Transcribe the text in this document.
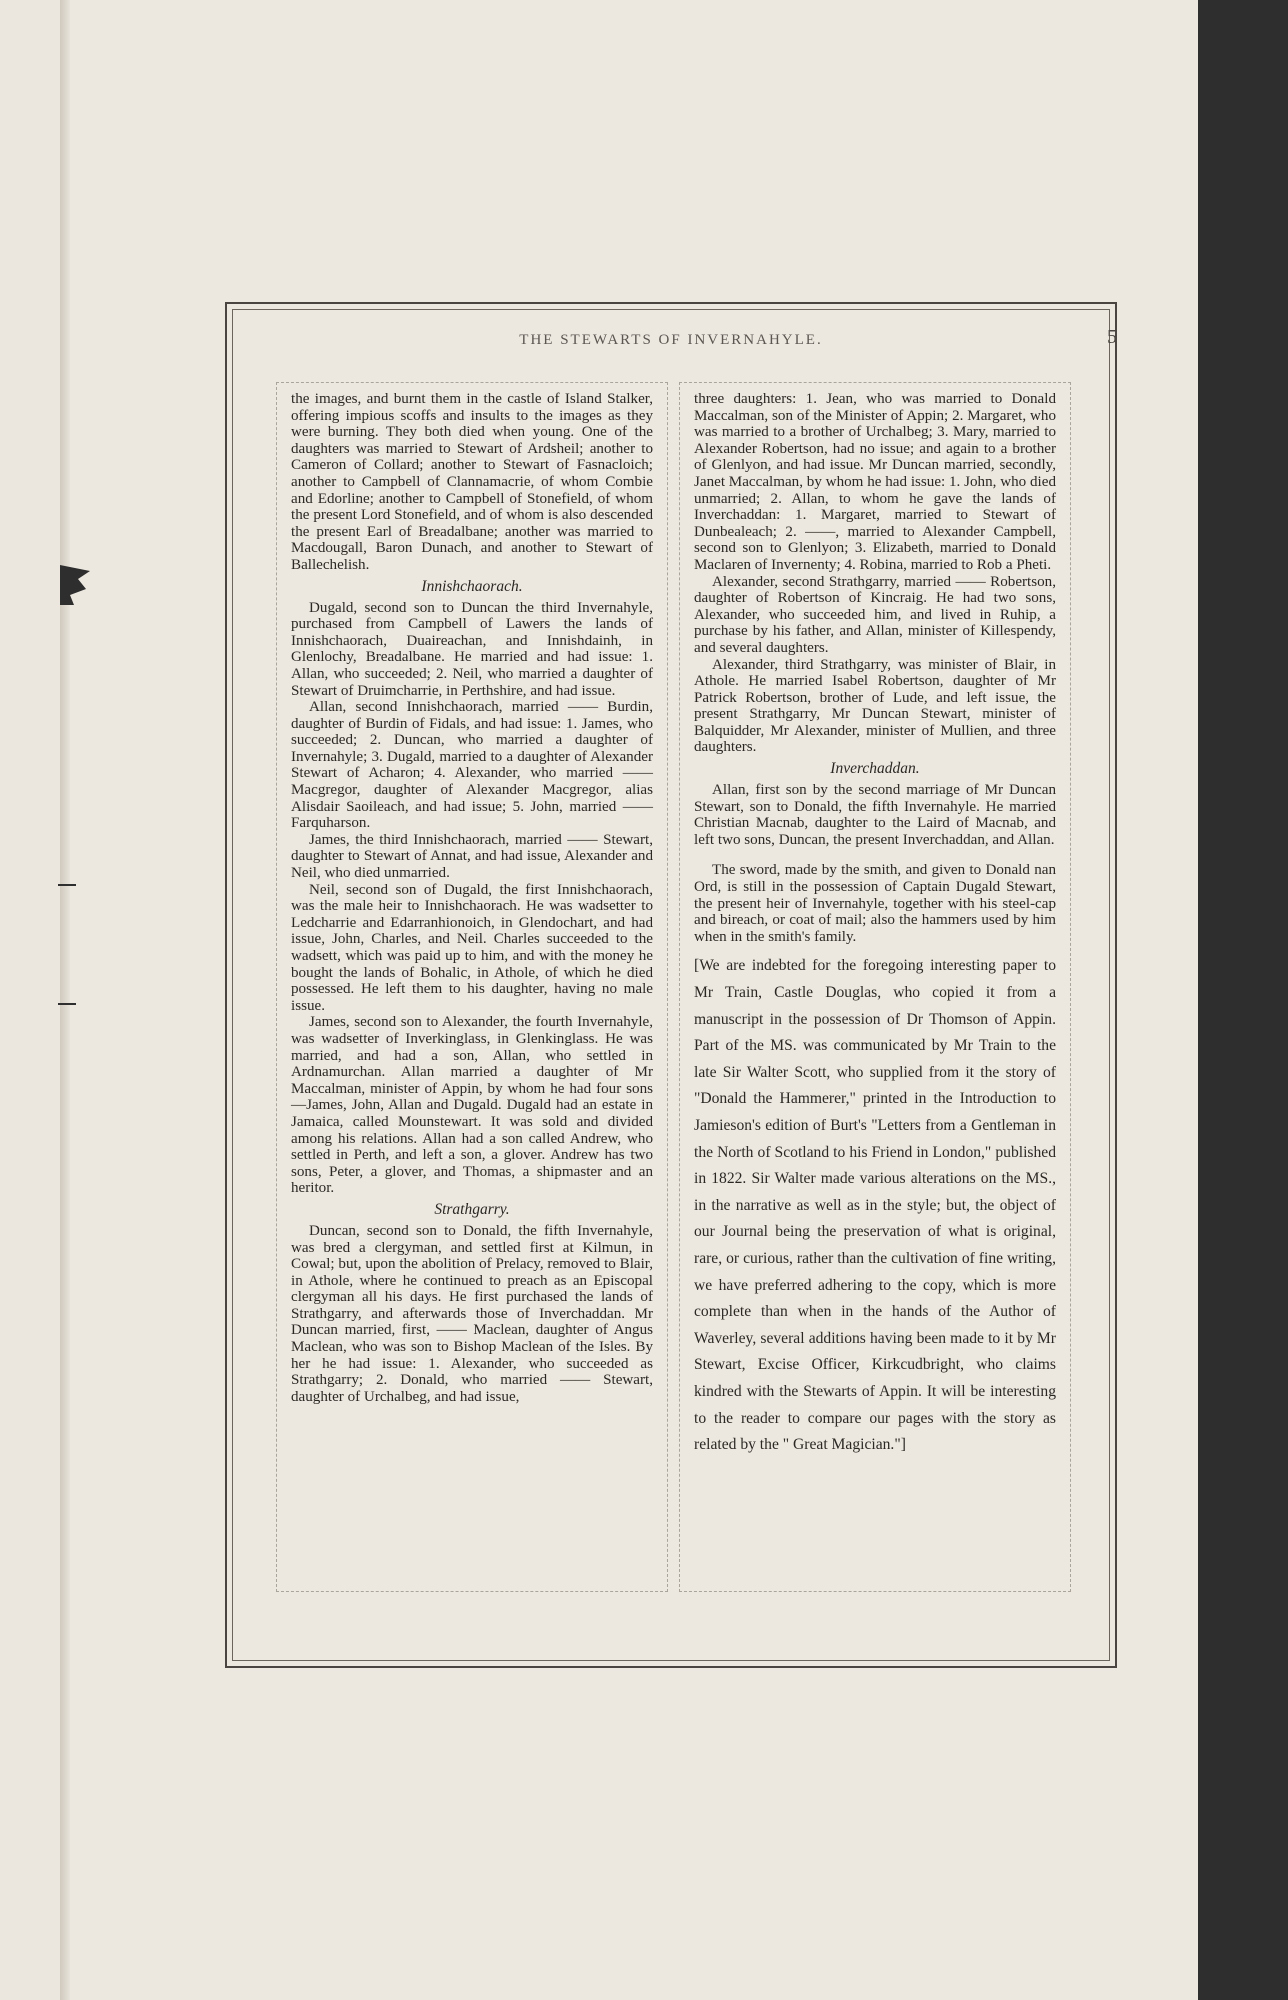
THE STEWARTS OF INVERNAHYLE.	5

the images, and burnt them in the castle of Island Stalker, offering impious scoffs and insults to the images as they were burning. They both died when young. One of the daughters was married to Stewart of Ardsheil; another to Cameron of Collard; another to Stewart of Fasnacloich; another to Campbell of Clannamacrie, of whom Combie and Edorline; another to Campbell of Stonefield, of whom the present Lord Stonefield, and of whom is also descended the present Earl of Breadalbane; another was married to Macdougall, Baron Dunach, and another to Stewart of Ballechelish.

Innishchaorach.

Dugald, second son to Duncan the third Invernahyle, purchased from Campbell of Lawers the lands of Innishchaorach, Duaireachan, and Innishdainh, in Glenlochy, Breadalbane. He married and had issue: 1. Allan, who succeeded; 2. Neil, who married a daughter of Stewart of Druimcharrie, in Perthshire, and had issue.

Allan, second Innishchaorach, married —— Burdin, daughter of Burdin of Fidals, and had issue: 1. James, who succeeded; 2. Duncan, who married a daughter of Invernahyle; 3. Dugald, married to a daughter of Alexander Stewart of Acharon; 4. Alexander, who married —— Macgregor, daughter of Alexander Macgregor, alias Alisdair Saoileach, and had issue; 5. John, married —— Farquharson.

James, the third Innishchaorach, married —— Stewart, daughter to Stewart of Annat, and had issue, Alexander and Neil, who died unmarried.

Neil, second son of Dugald, the first Innishchaorach, was the male heir to Innishchaorach. He was wadsetter to Ledcharrie and Edarranhionoich, in Glendochart, and had issue, John, Charles, and Neil. Charles succeeded to the wadsett, which was paid up to him, and with the money he bought the lands of Bohalic, in Athole, of which he died possessed. He left them to his daughter, having no male issue.

James, second son to Alexander, the fourth Invernahyle, was wadsetter of Inverkinglass, in Glenkinglass. He was married, and had a son, Allan, who settled in Ardnamurchan. Allan married a daughter of Mr Maccalman, minister of Appin, by whom he had four sons—James, John, Allan and Dugald. Dugald had an estate in Jamaica, called Mounstewart. It was sold and divided among his relations. Allan had a son called Andrew, who settled in Perth, and left a son, a glover. Andrew has two sons, Peter, a glover, and Thomas, a shipmaster and an heritor.

Strathgarry.

Duncan, second son to Donald, the fifth Invernahyle, was bred a clergyman, and settled first at Kilmun, in Cowal; but, upon the abolition of Prelacy, removed to Blair, in Athole, where he continued to preach as an Episcopal clergyman all his days. He first purchased the lands of Strathgarry, and afterwards those of Inverchaddan. Mr Duncan married, first, —— Maclean, daughter of Angus Maclean, who was son to Bishop Maclean of the Isles. By her he had issue: 1. Alexander, who succeeded as Strathgarry; 2. Donald, who married —— Stewart, daughter of Urchalbeg, and had issue,

three daughters: 1. Jean, who was married to Donald Maccalman, son of the Minister of Appin; 2. Margaret, who was married to a brother of Urchalbeg; 3. Mary, married to Alexander Robertson, had no issue; and again to a brother of Glenlyon, and had issue. Mr Duncan married, secondly, Janet Maccalman, by whom he had issue: 1. John, who died unmarried; 2. Allan, to whom he gave the lands of Inverchaddan: 1. Margaret, married to Stewart of Dunbealeach; 2. ——, married to Alexander Campbell, second son to Glenlyon; 3. Elizabeth, married to Donald Maclaren of Invernenty; 4. Robina, married to Rob a Pheti.

Alexander, second Strathgarry, married —— Robertson, daughter of Robertson of Kincraig. He had two sons, Alexander, who succeeded him, and lived in Ruhip, a purchase by his father, and Allan, minister of Killespendy, and several daughters.

Alexander, third Strathgarry, was minister of Blair, in Athole. He married Isabel Robertson, daughter of Mr Patrick Robertson, brother of Lude, and left issue, the present Strathgarry, Mr Duncan Stewart, minister of Balquidder, Mr Alexander, minister of Mullien, and three daughters.

Inverchaddan.

Allan, first son by the second marriage of Mr Duncan Stewart, son to Donald, the fifth Invernahyle. He married Christian Macnab, daughter to the Laird of Macnab, and left two sons, Duncan, the present Inverchaddan, and Allan.

The sword, made by the smith, and given to Donald nan Ord, is still in the possession of Captain Dugald Stewart, the present heir of Invernahyle, together with his steel-cap and bireach, or coat of mail; also the hammers used by him when in the smith's family.

[We are indebted for the foregoing interesting paper to Mr Train, Castle Douglas, who copied it from a manuscript in the possession of Dr Thomson of Appin. Part of the MS. was communicated by Mr Train to the late Sir Walter Scott, who supplied from it the story of "Donald the Hammerer," printed in the Introduction to Jamieson's edition of Burt's "Letters from a Gentleman in the North of Scotland to his Friend in London," published in 1822. Sir Walter made various alterations on the MS., in the narrative as well as in the style; but, the object of our Journal being the preservation of what is original, rare, or curious, rather than the cultivation of fine writing, we have preferred adhering to the copy, which is more complete than when in the hands of the Author of Waverley, several additions having been made to it by Mr Stewart, Excise Officer, Kirkcudbright, who claims kindred with the Stewarts of Appin. It will be interesting to the reader to compare our pages with the story as related by the " Great Magician."]
